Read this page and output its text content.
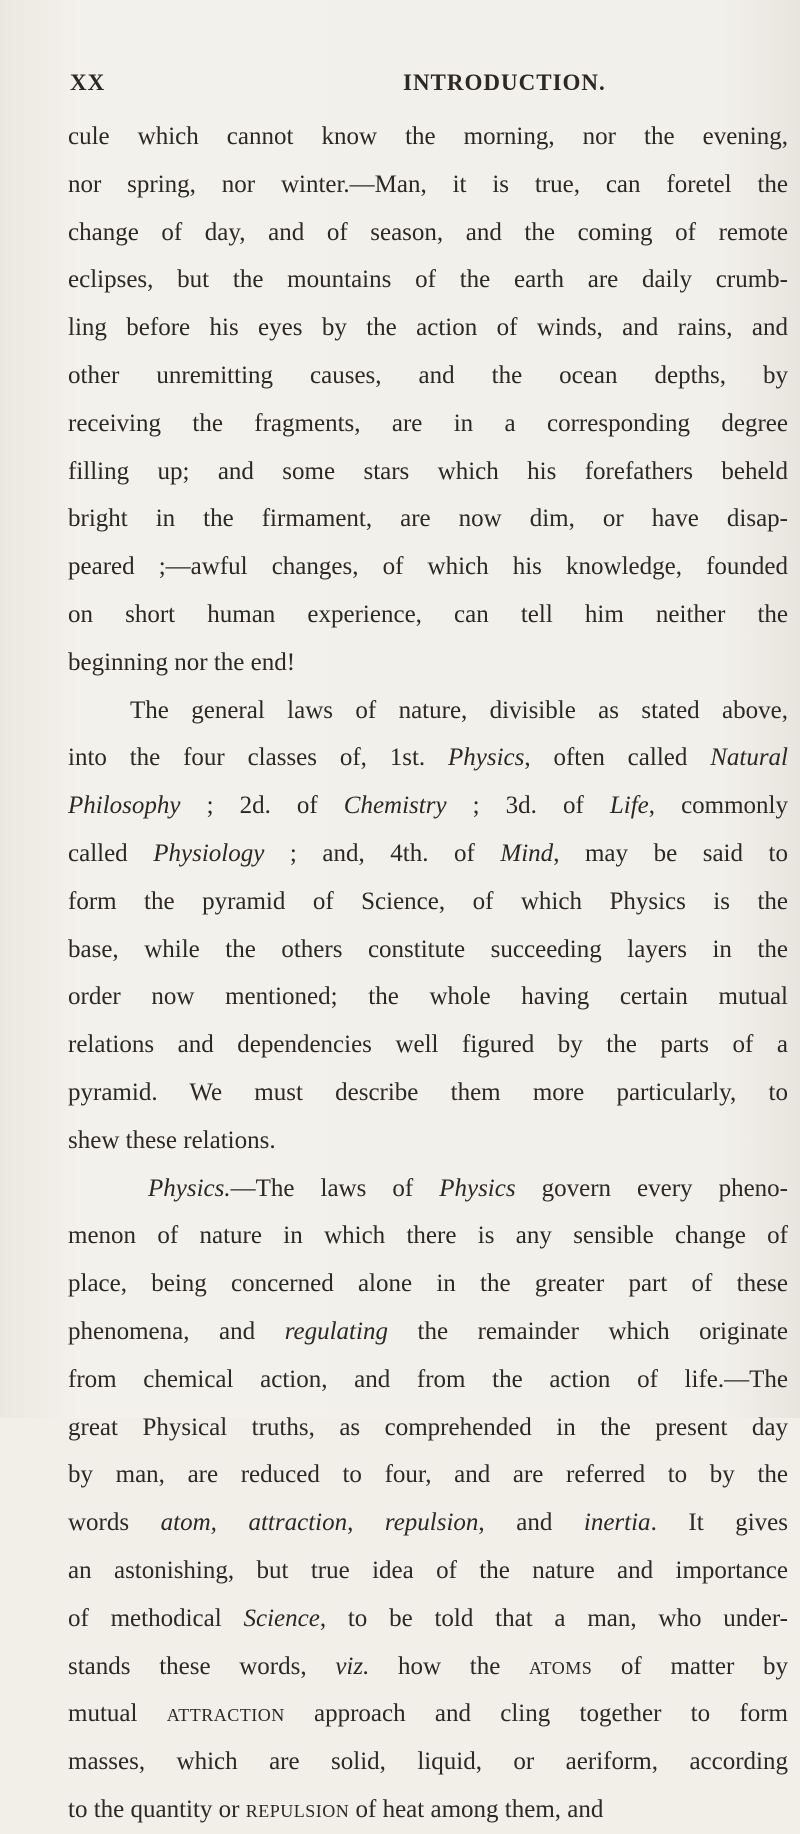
XX	INTRODUCTION.
cule which cannot know the morning, nor the evening,
nor spring, nor winter.—Man, it is true, can foretel the
change of day, and of season, and the coming of remote
eclipses, but the mountains of the earth are daily crumb-
ling before his eyes by the action of winds, and rains, and
other unremitting causes, and the ocean depths, by
receiving the fragments, are in a corresponding degree
filling up; and some stars which his forefathers beheld
bright in the firmament, are now dim, or have disap-
peared ;—awful changes, of which his knowledge, founded
on short human experience, can tell him neither the
beginning nor the end!
The general laws of nature, divisible as stated above,
into the four classes of, 1st. Physics, often called Natural
Philosophy ; 2d. of Chemistry ; 3d. of Life, commonly
called Physiology ; and, 4th. of Mind, may be said to
form the pyramid of Science, of which Physics is the
base, while the others constitute succeeding layers in the
order now mentioned; the whole having certain mutual
relations and dependencies well figured by the parts of a
pyramid. We must describe them more particularly, to
shew these relations.
Physics.—The laws of Physics govern every pheno-
menon of nature in which there is any sensible change of
place, being concerned alone in the greater part of these
phenomena, and regulating the remainder which originate
from chemical action, and from the action of life.—The
great Physical truths, as comprehended in the present day
by man, are reduced to four, and are referred to by the
words atom, attraction, repulsion, and inertia. It gives
an astonishing, but true idea of the nature and importance
of methodical Science, to be told that a man, who under-
stands these words, viz. how the atoms of matter by
mutual attraction approach and cling together to form
masses, which are solid, liquid, or aeriform, according
to the quantity or repulsion of heat among them, and
